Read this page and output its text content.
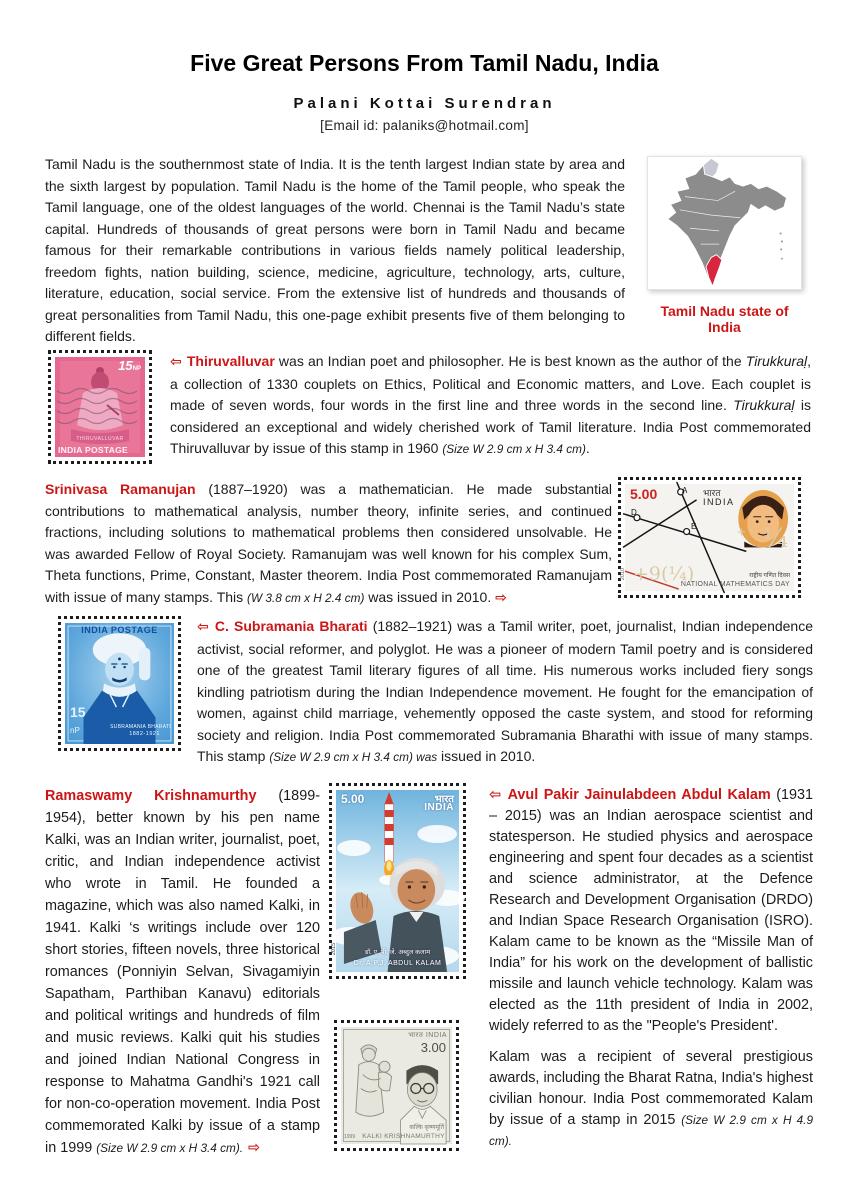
Five Great Persons From Tamil Nadu, India
Palani Kottai Surendran
[Email id: palaniks@hotmail.com]

Tamil Nadu is the southernmost state of India. It is the tenth largest Indian state by area and the sixth largest by population. Tamil Nadu is the home of the Tamil people, who speak the Tamil language, one of the oldest languages of the world. Chennai is the Tamil Nadu’s state capital. Hundreds of thousands of great persons were born in Tamil Nadu and became famous for their remarkable contributions in various fields namely political leadership, freedom fights, nation building, science, medicine, agriculture, technology, arts, culture, literature, education, social service. From the extensive list of hundreds and thousands of great personalities from Tamil Nadu, this one-page exhibit presents five of them belonging to different fields.

Tamil Nadu state of India
15NP
THIRUVALLUVAR
INDIA POSTAGE

⇦ Thiruvalluvar was an Indian poet and philosopher. He is best known as the author of the Tirukkuraḷ, a collection of 1330 couplets on Ethics, Political and Economic matters, and Love. Each couplet is made of seven words, four words in the first line and three words in the second line. Tirukkuraḷ is considered an exceptional and widely cherished work of Tamil literature. India Post commemorated Thiruvalluvar by issue of this stamp in 1960 (Size W 2.9 cm x H 3.4 cm).

Srinivasa Ramanujan (1887–1920) was a mathematician. He made substantial contributions to mathematical analysis, number theory, infinite series, and continued fractions, including solutions to mathematical problems then considered unsolvable. He was awarded Fellow of Royal Society. Ramanujam was well known for his complex Sum, Theta functions, Prime, Constant, Master theorem. India Post commemorated Ramanujam with issue of many stamps. This (W 3.8 cm x H 2.4 cm) was issued in 2010. ⇨

5.00	भारत
INDIA
A
D
E	¼
+9(¼)
+
राष्ट्रीय गणित दिवस
NATIONAL MATHEMATICS DAY
2010
INDIA POSTAGE
15
nP	SUBRAMANIA BHARATI
1882-1921

⇦ C. Subramania Bharati (1882–1921) was a Tamil writer, poet, journalist, Indian independence activist, social reformer, and polyglot. He was a pioneer of modern Tamil poetry and is considered one of the greatest Tamil literary figures of all time. His numerous works included fiery songs kindling patriotism during the Indian Independence movement. He fought for the emancipation of women, against child marriage, vehemently opposed the caste system, and stood for reforming society and religion. India Post commemorated Subramania Bharathi with issue of many stamps. This stamp (Size W 2.9 cm x H 3.4 cm) was issued in 2010.

Ramaswamy Krishnamurthy (1899-1954), better known by his pen name Kalki, was an Indian writer, journalist, poet, critic, and Indian independence activist who wrote in Tamil. He founded a magazine, which was also named Kalki, in 1941. Kalki ‘s writings include over 120 short stories, fifteen novels, three historical romances (Ponniyin Selvan, Sivagamiyin Sapatham, Parthiban Kanavu) editorials and political writings and hundreds of film and music reviews. Kalki quit his studies and joined Indian National Congress in response to Mahatma Gandhi's 1921 call for non-co-operation movement. India Post commemorated Kalki by issue of a stamp in 1999 (Size W 2.9 cm x H 3.4 cm). ⇨

5.00	भारत
INDIA
डॉ. ए. पी. जे. अब्दुल कलाम
Dr. A.P.J. ABDUL KALAM
2015
भारत INDIA
3.00
कल्कि कृष्णमूर्ति
KALKI KRISHNAMURTHY
1999

⇦ Avul Pakir Jainulabdeen Abdul Kalam (1931 – 2015) was an Indian aerospace scientist and statesperson. He studied physics and aerospace engineering and spent four decades as a scientist and science administrator, at the Defence Research and Development Organisation (DRDO) and Indian Space Research Organisation (ISRO). Kalam came to be known as the “Missile Man of India” for his work on the development of ballistic missile and launch vehicle technology. Kalam was elected as the 11th president of India in 2002, widely referred to as the "People's President'.

Kalam was a recipient of several prestigious awards, including the Bharat Ratna, India's highest civilian honour. India Post commemorated Kalam by issue of a stamp in 2015 (Size W 2.9 cm x H 4.9 cm).
